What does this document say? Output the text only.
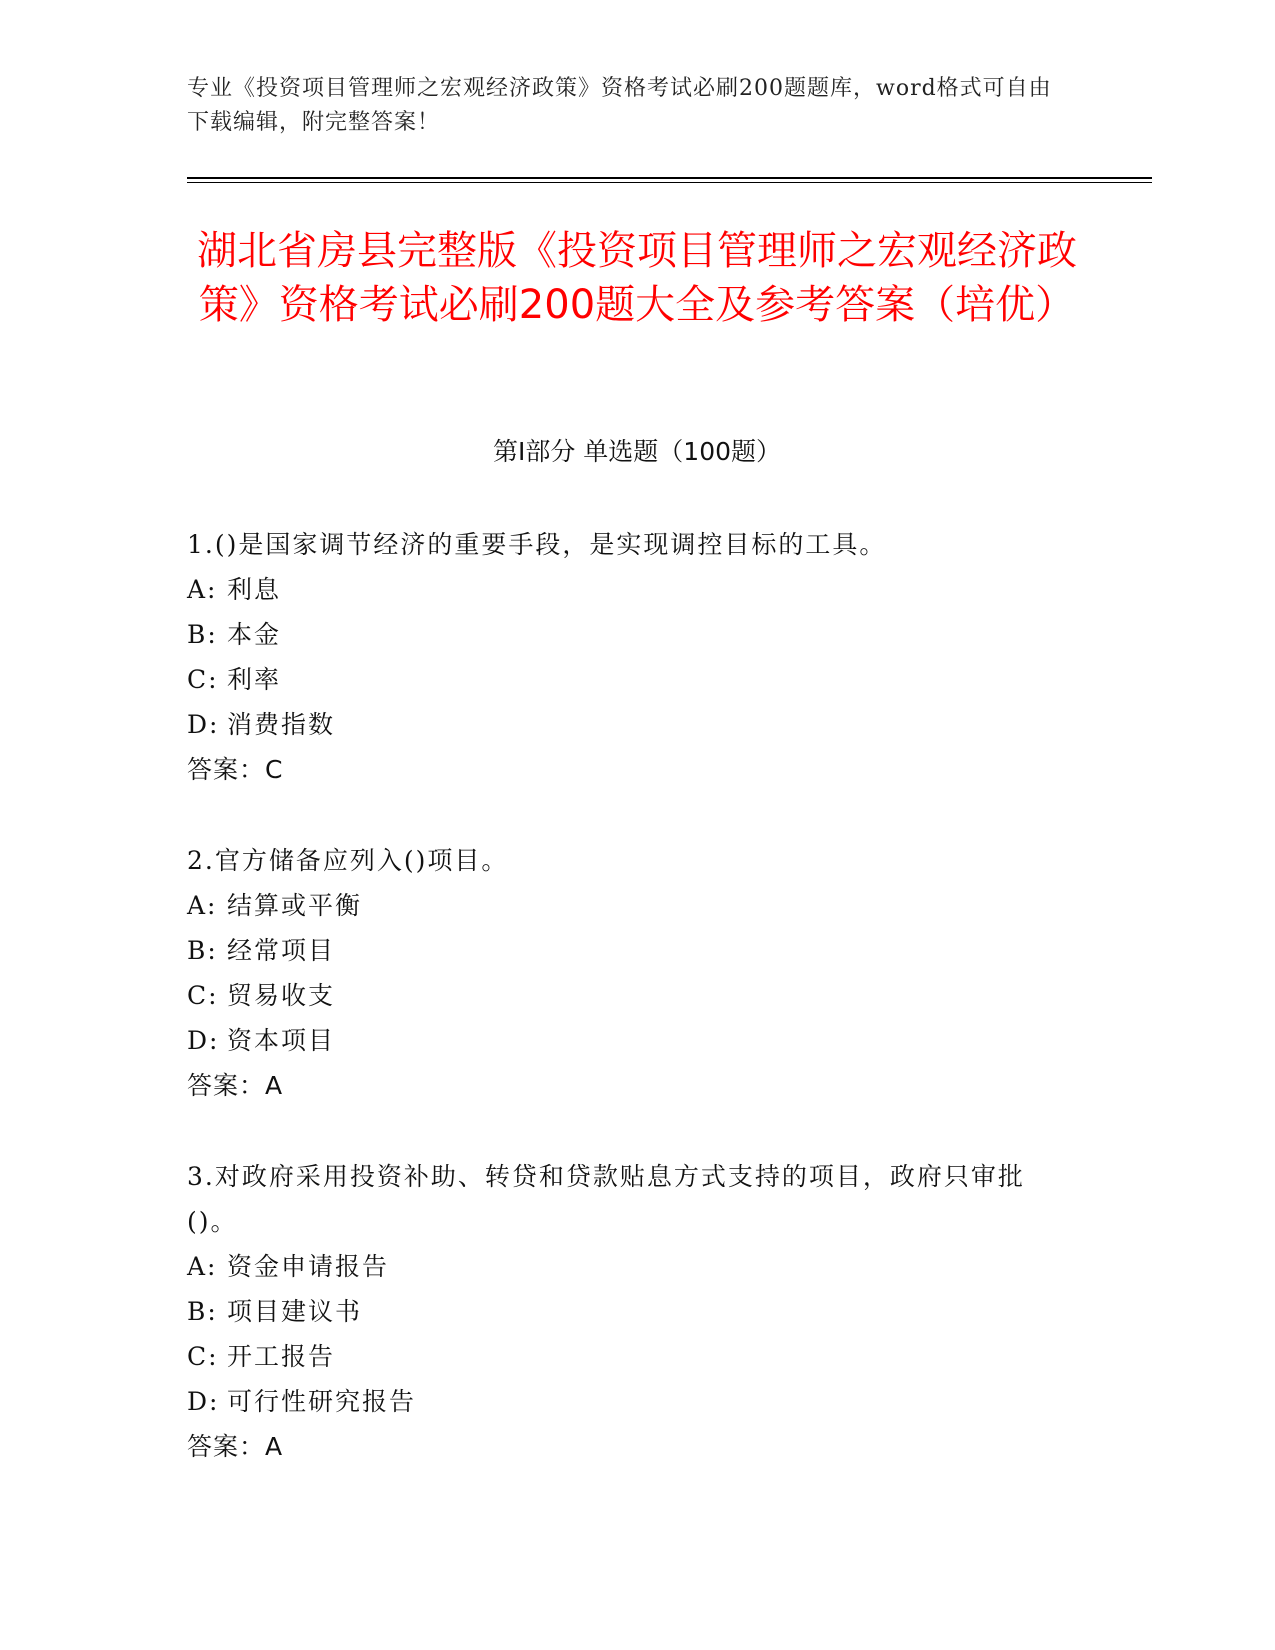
专业《投资项目管理师之宏观经济政策》资格考试必刷200题题库，word格式可自由下载编辑，附完整答案！
湖北省房县完整版《投资项目管理师之宏观经济政策》资格考试必刷200题大全及参考答案（培优）
第I部分 单选题（100题）
1.()是国家调节经济的重要手段，是实现调控目标的工具。
A: 利息
B: 本金
C: 利率
D: 消费指数
答案：C
2.官方储备应列入()项目。
A: 结算或平衡
B: 经常项目
C: 贸易收支
D: 资本项目
答案：A
3.对政府采用投资补助、转贷和贷款贴息方式支持的项目，政府只审批()。
A: 资金申请报告
B: 项目建议书
C: 开工报告
D: 可行性研究报告
答案：A
